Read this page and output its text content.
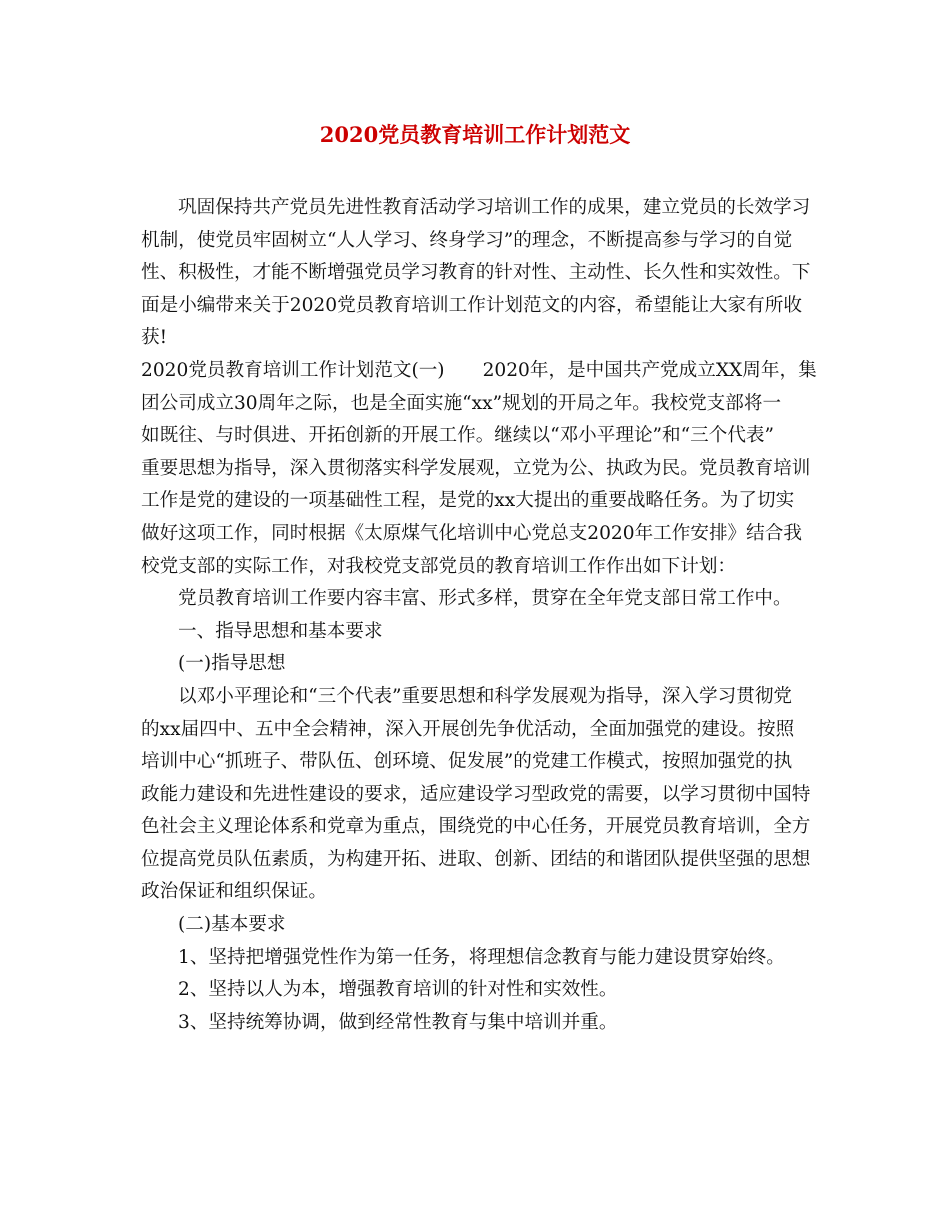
2020党员教育培训工作计划范文
巩固保持共产党员先进性教育活动学习培训工作的成果，建立党员的长效学习
机制，使党员牢固树立“人人学习、终身学习”的理念，不断提高参与学习的自觉
性、积极性，才能不断增强党员学习教育的针对性、主动性、长久性和实效性。下
面是小编带来关于2020党员教育培训工作计划范文的内容，希望能让大家有所收
获!
2020党员教育培训工作计划范文(一) 2020年，是中国共产党成立XX周年，集
团公司成立30周年之际，也是全面实施“xx”规划的开局之年。我校党支部将一
如既往、与时俱进、开拓创新的开展工作。继续以“邓小平理论”和“三个代表”
重要思想为指导，深入贯彻落实科学发展观，立党为公、执政为民。党员教育培训
工作是党的建设的一项基础性工程，是党的xx大提出的重要战略任务。为了切实
做好这项工作，同时根据《太原煤气化培训中心党总支2020年工作安排》结合我
校党支部的实际工作，对我校党支部党员的教育培训工作作出如下计划：
党员教育培训工作要内容丰富、形式多样，贯穿在全年党支部日常工作中。
一、指导思想和基本要求
(一)指导思想
以邓小平理论和“三个代表”重要思想和科学发展观为指导，深入学习贯彻党
的xx届四中、五中全会精神，深入开展创先争优活动，全面加强党的建设。按照
培训中心“抓班子、带队伍、创环境、促发展”的党建工作模式，按照加强党的执
政能力建设和先进性建设的要求，适应建设学习型政党的需要，以学习贯彻中国特
色社会主义理论体系和党章为重点，围绕党的中心任务，开展党员教育培训，全方
位提高党员队伍素质，为构建开拓、进取、创新、团结的和谐团队提供坚强的思想
政治保证和组织保证。
(二)基本要求
1、坚持把增强党性作为第一任务，将理想信念教育与能力建设贯穿始终。
2、坚持以人为本，增强教育培训的针对性和实效性。
3、坚持统筹协调，做到经常性教育与集中培训并重。
